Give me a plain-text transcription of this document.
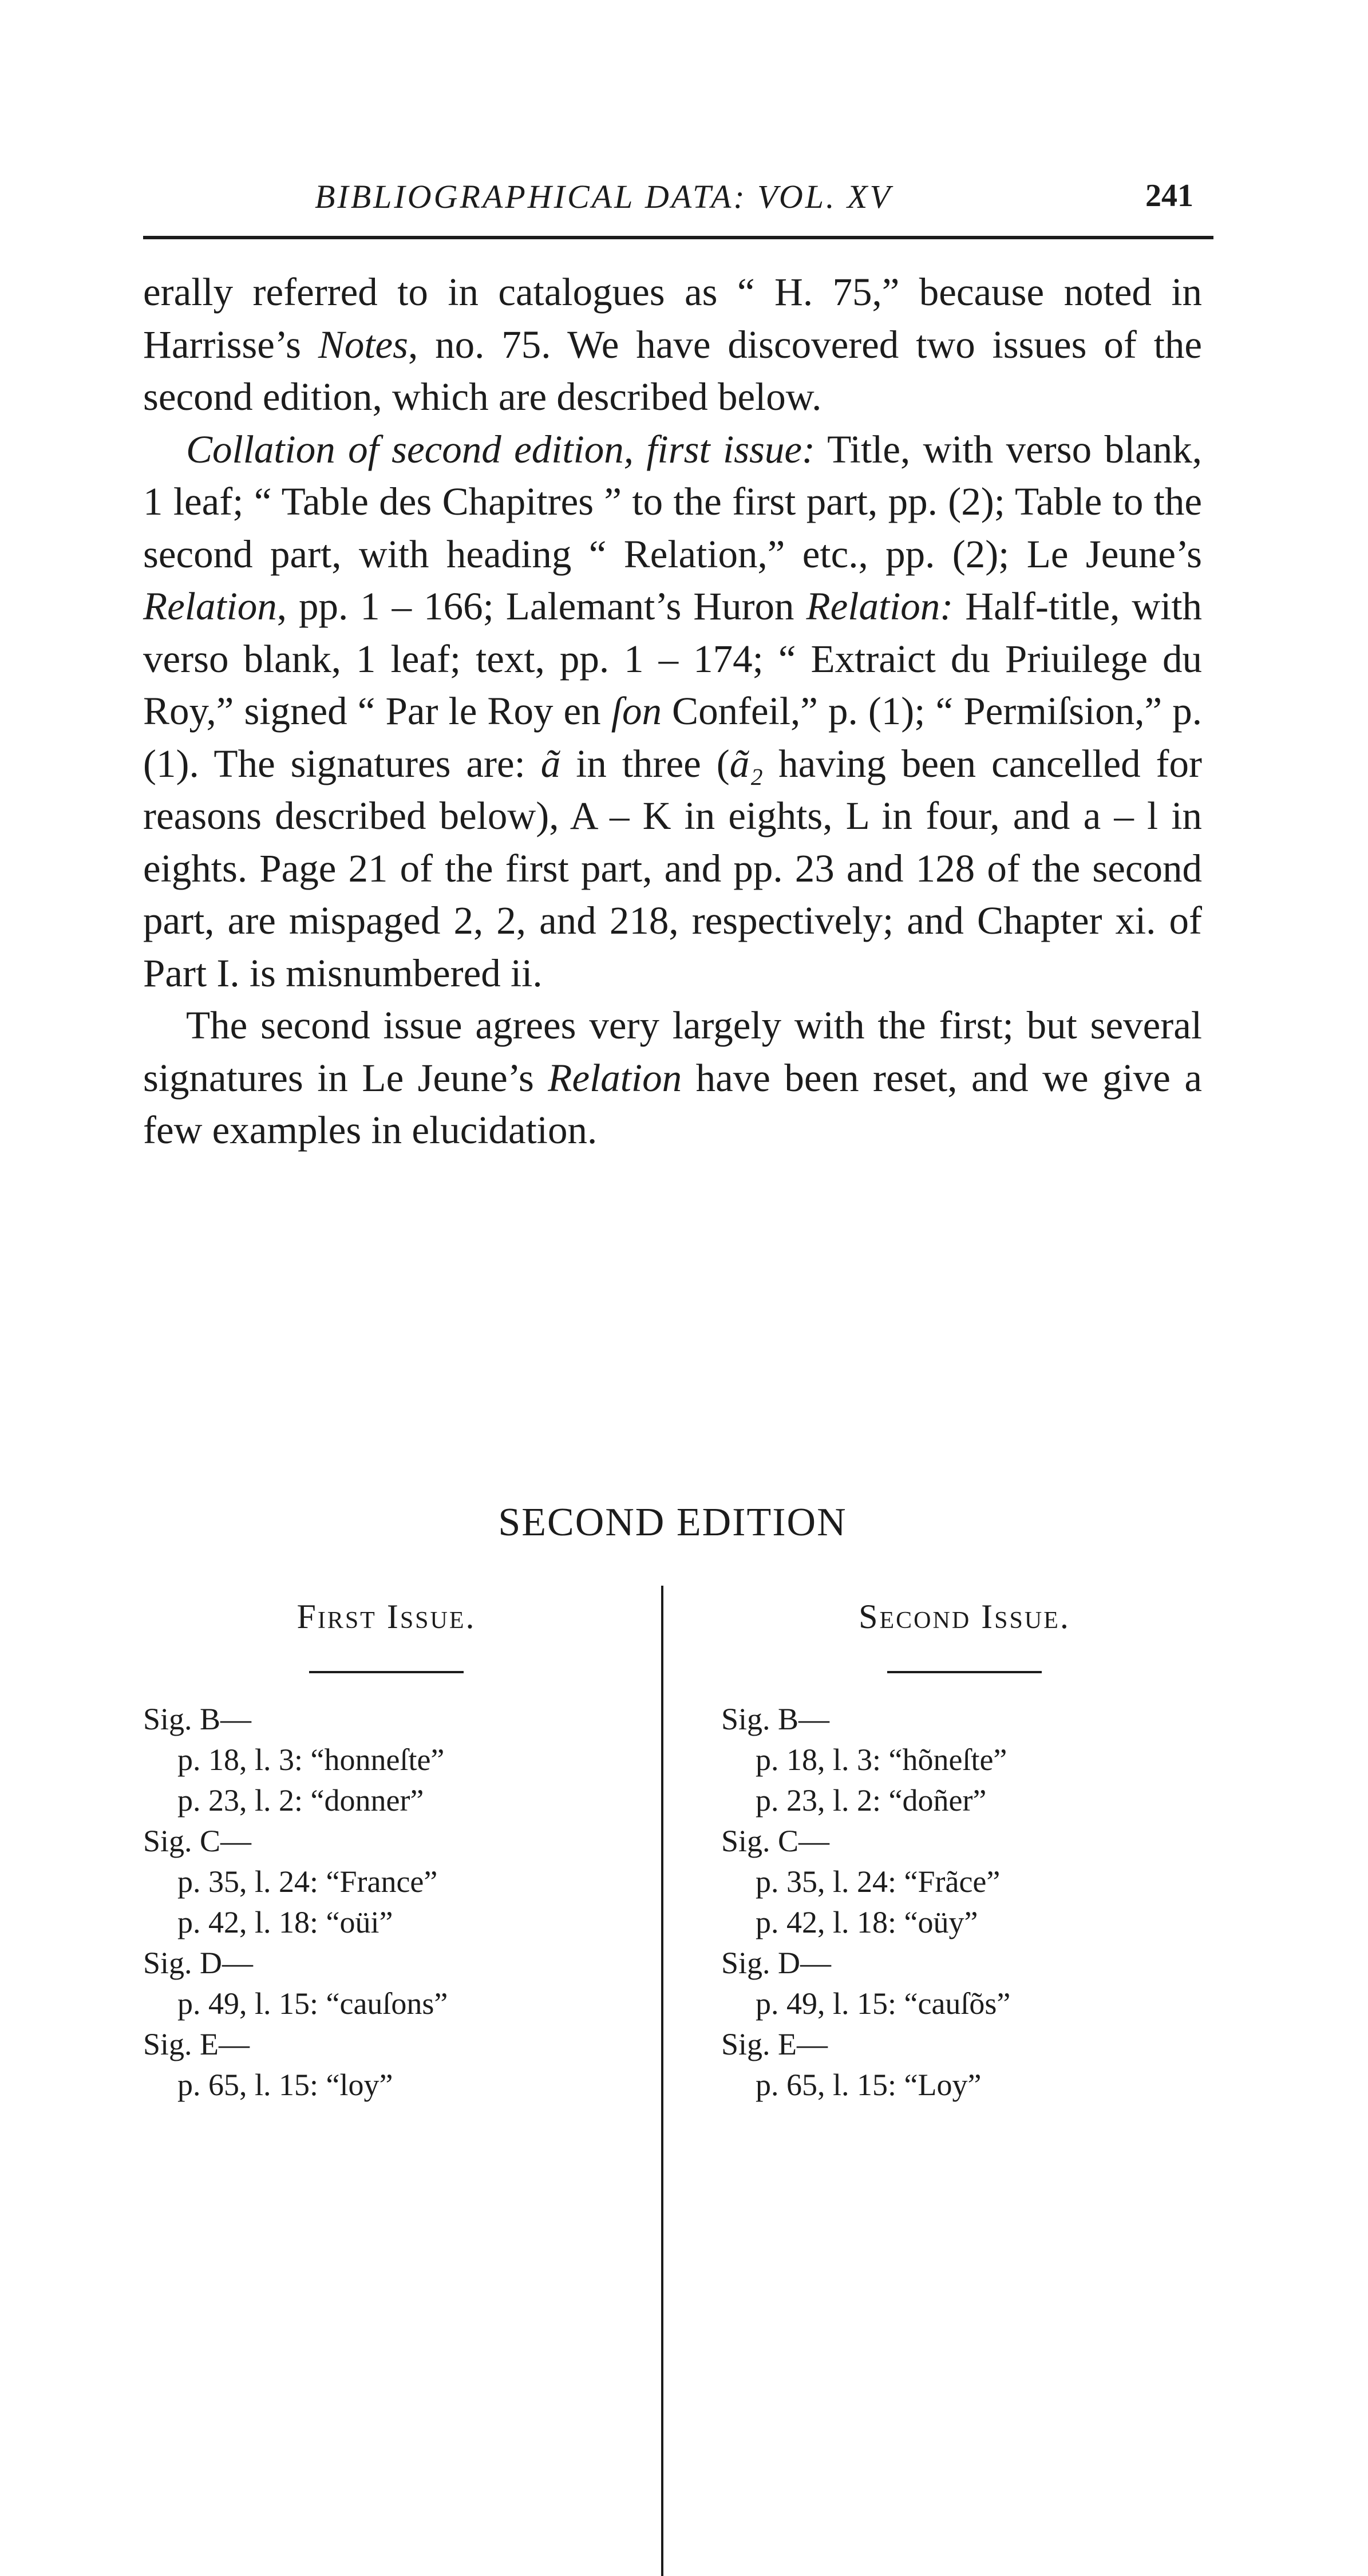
BIBLIOGRAPHICAL DATA: VOL. XV	241

erally referred to in catalogues as “ H. 75,” because noted in Harrisse’s Notes, no. 75. We have discovered two issues of the second edition, which are described below.

Collation of second edition, first issue: Title, with verso blank, 1 leaf; “ Table des Chapitres ” to the first part, pp. (2); Table to the second part, with heading “ Relation,” etc., pp. (2); Le Jeune’s Relation, pp. 1 – 166; Lalemant’s Huron Relation: Half-title, with verso blank, 1 leaf; text, pp. 1 – 174; “ Extraict du Priuilege du Roy,” signed “ Par le Roy en ſon Confeil,” p. (1); “ Permiſsion,” p. (1). The signatures are: ã in three (ã₂ having been cancelled for reasons described below), A – K in eights, L in four, and a – l in eights. Page 21 of the first part, and pp. 23 and 128 of the second part, are mispaged 2, 2, and 218, respectively; and Chapter xi. of Part I. is misnumbered ii.

The second issue agrees very largely with the first; but several signatures in Le Jeune’s Relation have been reset, and we give a few examples in elucidation.

SECOND EDITION
First Issue.
Sig. B—
p. 18, l. 3: “honneſte”
p. 23, l. 2: “donner”
Sig. C—
p. 35, l. 24: “France”
p. 42, l. 18: “oüi”
Sig. D—
p. 49, l. 15: “cauſons”
Sig. E—
p. 65, l. 15: “loy”
Second Issue.
Sig. B—
p. 18, l. 3: “hõneſte”
p. 23, l. 2: “doñer”
Sig. C—
p. 35, l. 24: “Frãce”
p. 42, l. 18: “oüy”
Sig. D—
p. 49, l. 15: “cauſõs”
Sig. E—
p. 65, l. 15: “Loy”
